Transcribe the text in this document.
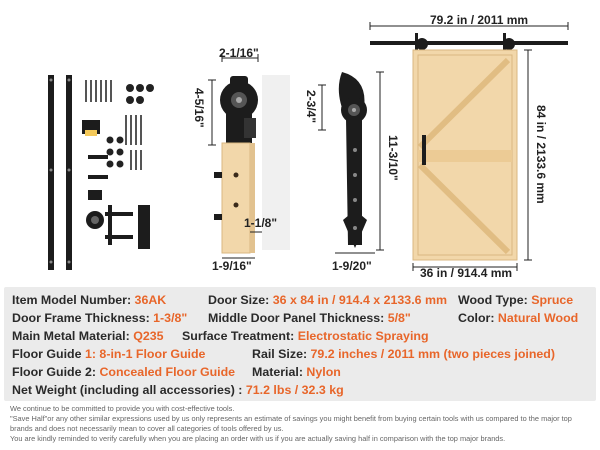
79.2 in / 2011 mm
84 in / 2133.6 mm
36 in / 914.4 mm
2-1/16"
4-5/16"
1-1/8"
1-9/16"
2-3/4"
11-3/10"
1-9/20"
Item Model Number: 36AK	Door Size: 36 x 84 in / 914.4 x 2133.6 mm Wood Type: Spruce
Door Frame Thickness: 1-3/8" Middle Door Panel Thickness: 5/8"	Color: Natural Wood
Main Metal Material: Q235 Surface Treatment: Electrostatic Spraying
Floor Guide 1: 8-in-1 Floor Guide	Rail Size: 79.2 inches / 2011 mm (two pieces joined)
Floor Guide 2: Concealed Floor Guide Material: Nylon
Net Weight (including all accessories) : 71.2 lbs / 32.3 kg
We continue to be committed to provide you with cost-effective tools.
"Save Half"or any other similar expressions used by us only represents an estimate of savings you might benefit from buying certain tools with us compared to the major top brands and does not necessarily mean to cover all categories of tools offered by us.
You are kindly reminded to verify carefully when you are placing an order with us if you are actually saving half in comparison with the top major brands.
